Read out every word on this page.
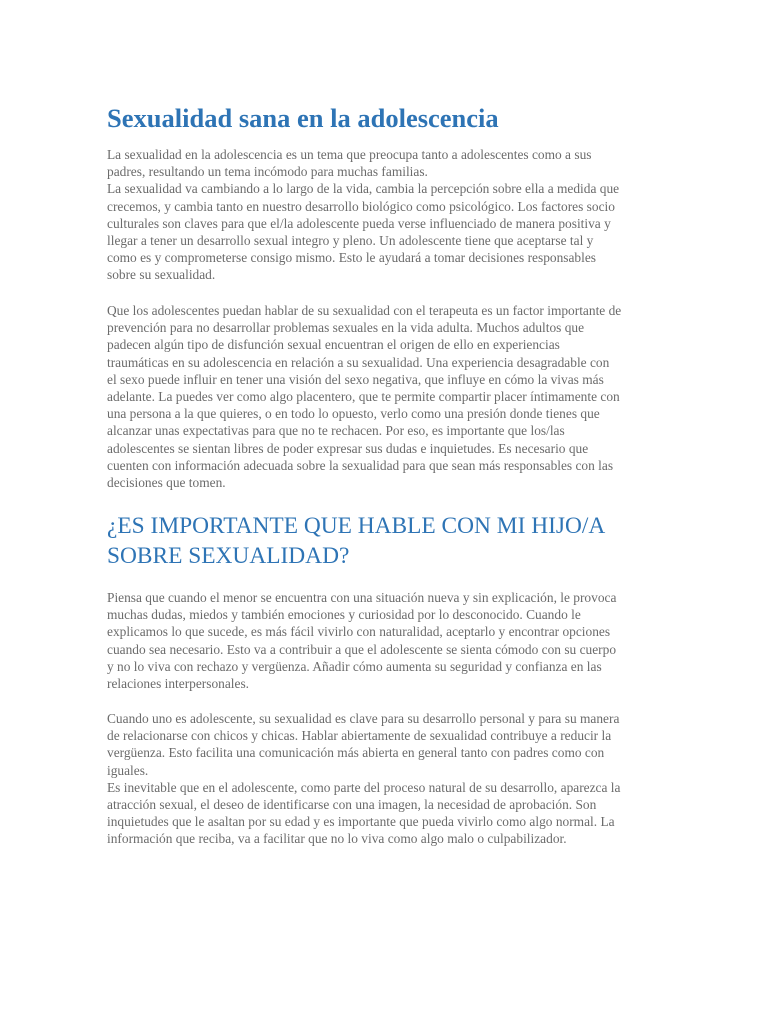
Sexualidad sana en la adolescencia
La sexualidad en la adolescencia es un tema que preocupa tanto a adolescentes como a sus
padres, resultando un tema incómodo para muchas familias.
La sexualidad va cambiando a lo largo de la vida, cambia la percepción sobre ella a medida que
crecemos, y cambia tanto en nuestro desarrollo biológico como psicológico. Los factores socio
culturales son claves para que el/la adolescente pueda verse influenciado de manera positiva y
llegar a tener un desarrollo sexual integro y pleno. Un adolescente tiene que aceptarse tal y
como es y comprometerse consigo mismo. Esto le ayudará a tomar decisiones responsables
sobre su sexualidad.
Que los adolescentes puedan hablar de su sexualidad con el terapeuta es un factor importante de
prevención para no desarrollar problemas sexuales en la vida adulta. Muchos adultos que
padecen algún tipo de disfunción sexual encuentran el origen de ello en experiencias
traumáticas en su adolescencia en relación a su sexualidad. Una experiencia desagradable con
el sexo puede influir en tener una visión del sexo negativa, que influye en cómo la vivas más
adelante. La puedes ver como algo placentero, que te permite compartir placer íntimamente con
una persona a la que quieres, o en todo lo opuesto, verlo como una presión donde tienes que
alcanzar unas expectativas para que no te rechacen. Por eso, es importante que los/las
adolescentes se sientan libres de poder expresar sus dudas e inquietudes. Es necesario que
cuenten con información adecuada sobre la sexualidad para que sean más responsables con las
decisiones que tomen.
¿ES IMPORTANTE QUE HABLE CON MI HIJO/A
SOBRE SEXUALIDAD?
Piensa que cuando el menor se encuentra con una situación nueva y sin explicación, le provoca
muchas dudas, miedos y también emociones y curiosidad por lo desconocido. Cuando le
explicamos lo que sucede, es más fácil vivirlo con naturalidad, aceptarlo y encontrar opciones
cuando sea necesario. Esto va a contribuir a que el adolescente se sienta cómodo con su cuerpo
y no lo viva con rechazo y vergüenza. Añadir cómo aumenta su seguridad y confianza en las
relaciones interpersonales.
Cuando uno es adolescente, su sexualidad es clave para su desarrollo personal y para su manera
de relacionarse con chicos y chicas. Hablar abiertamente de sexualidad contribuye a reducir la
vergüenza. Esto facilita una comunicación más abierta en general tanto con padres como con
iguales.
Es inevitable que en el adolescente, como parte del proceso natural de su desarrollo, aparezca la
atracción sexual, el deseo de identificarse con una imagen, la necesidad de aprobación. Son
inquietudes que le asaltan por su edad y es importante que pueda vivirlo como algo normal. La
información que reciba, va a facilitar que no lo viva como algo malo o culpabilizador.
